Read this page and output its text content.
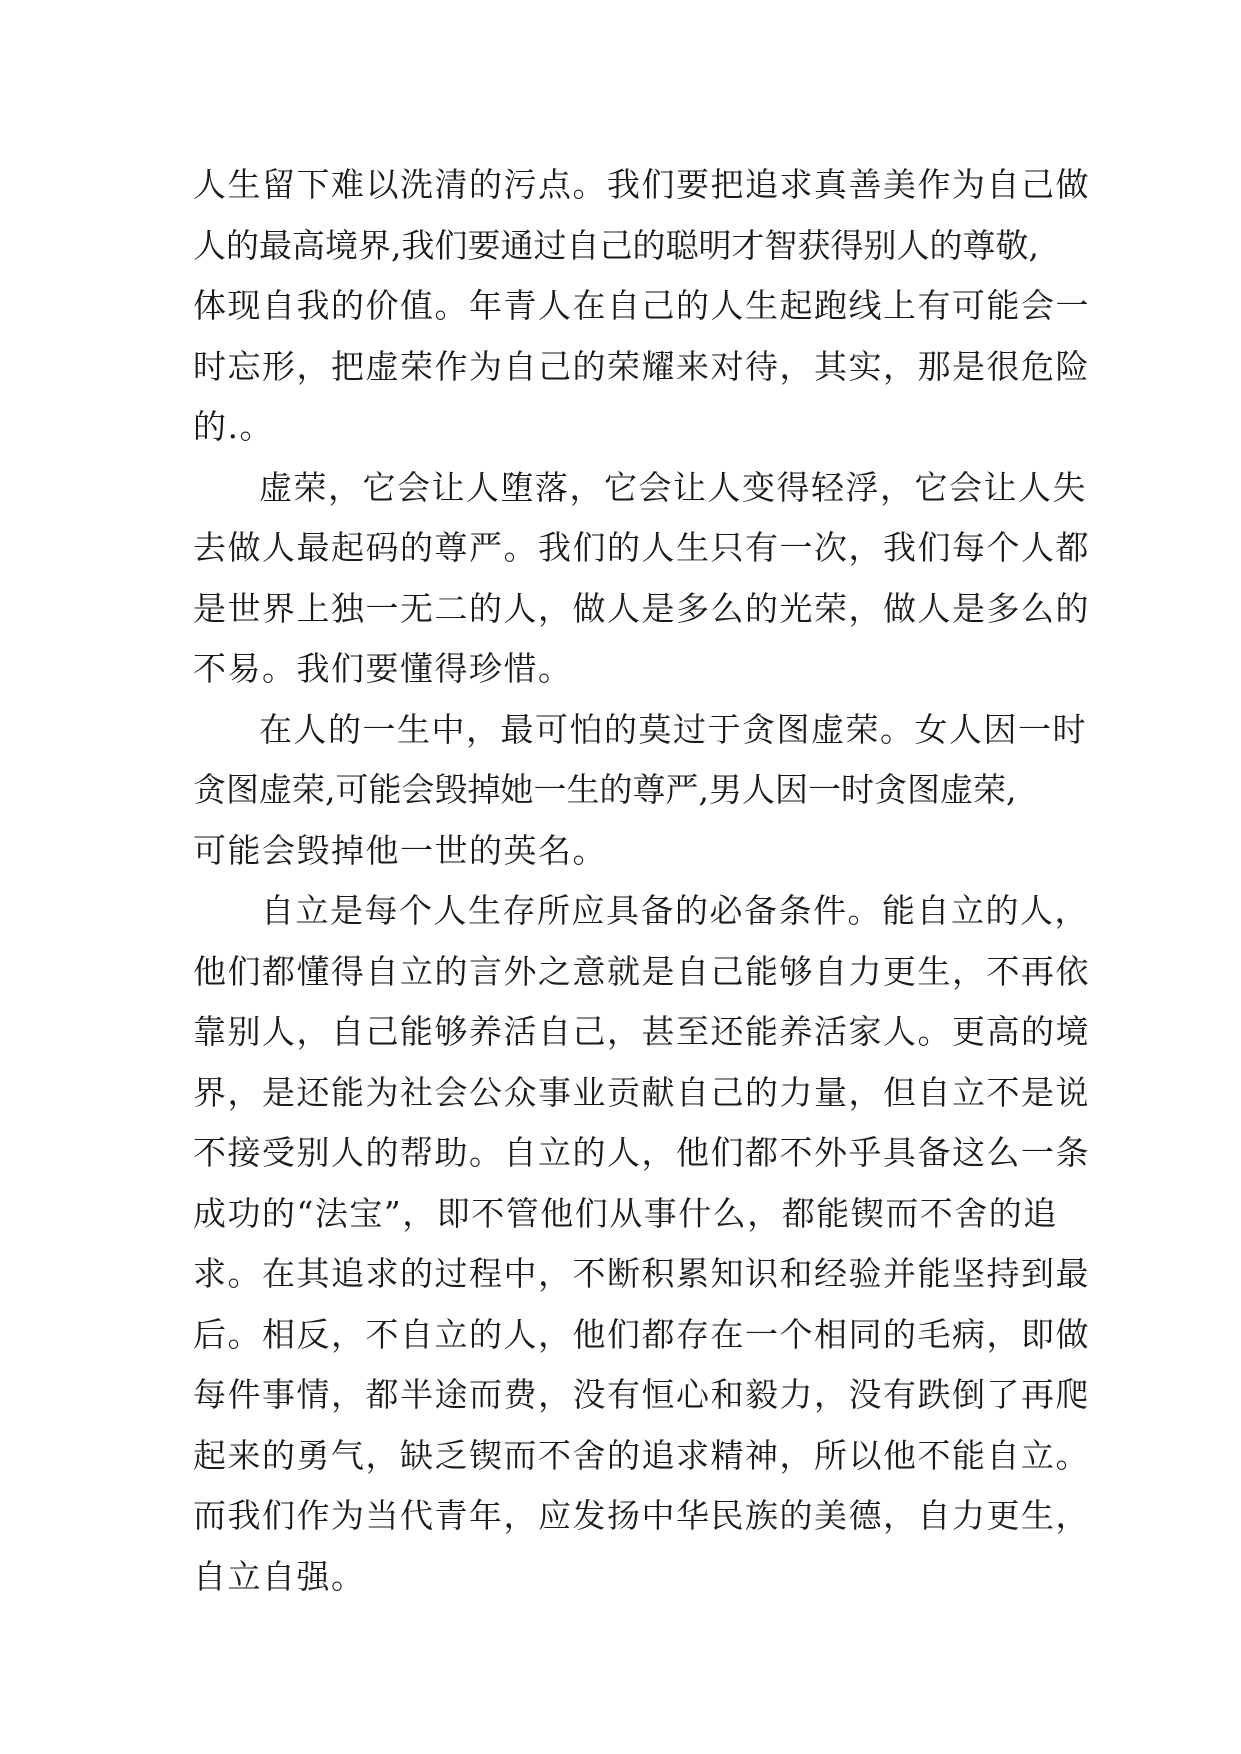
人生留下难以洗清的污点。我们要把追求真善美作为自己做
人的最高境界,我们要通过自己的聪明才智获得别人的尊敬,
体现自我的价值。年青人在自己的人生起跑线上有可能会一
时忘形，把虚荣作为自己的荣耀来对待，其实，那是很危险
的.。
虚荣，它会让人堕落，它会让人变得轻浮，它会让人失
去做人最起码的尊严。我们的人生只有一次，我们每个人都
是世界上独一无二的人，做人是多么的光荣，做人是多么的
不易。我们要懂得珍惜。
在人的一生中，最可怕的莫过于贪图虚荣。女人因一时
贪图虚荣,可能会毁掉她一生的尊严,男人因一时贪图虚荣,
可能会毁掉他一世的英名。
自立是每个人生存所应具备的必备条件。能自立的人，
他们都懂得自立的言外之意就是自己能够自力更生，不再依
靠别人，自己能够养活自己，甚至还能养活家人。更高的境
界，是还能为社会公众事业贡献自己的力量，但自立不是说
不接受别人的帮助。自立的人，他们都不外乎具备这么一条
成功的“法宝”，即不管他们从事什么，都能锲而不舍的追
求。在其追求的过程中，不断积累知识和经验并能坚持到最
后。相反，不自立的人，他们都存在一个相同的毛病，即做
每件事情，都半途而费，没有恒心和毅力，没有跌倒了再爬
起来的勇气，缺乏锲而不舍的追求精神，所以他不能自立。
而我们作为当代青年，应发扬中华民族的美德，自力更生，
自立自强。
